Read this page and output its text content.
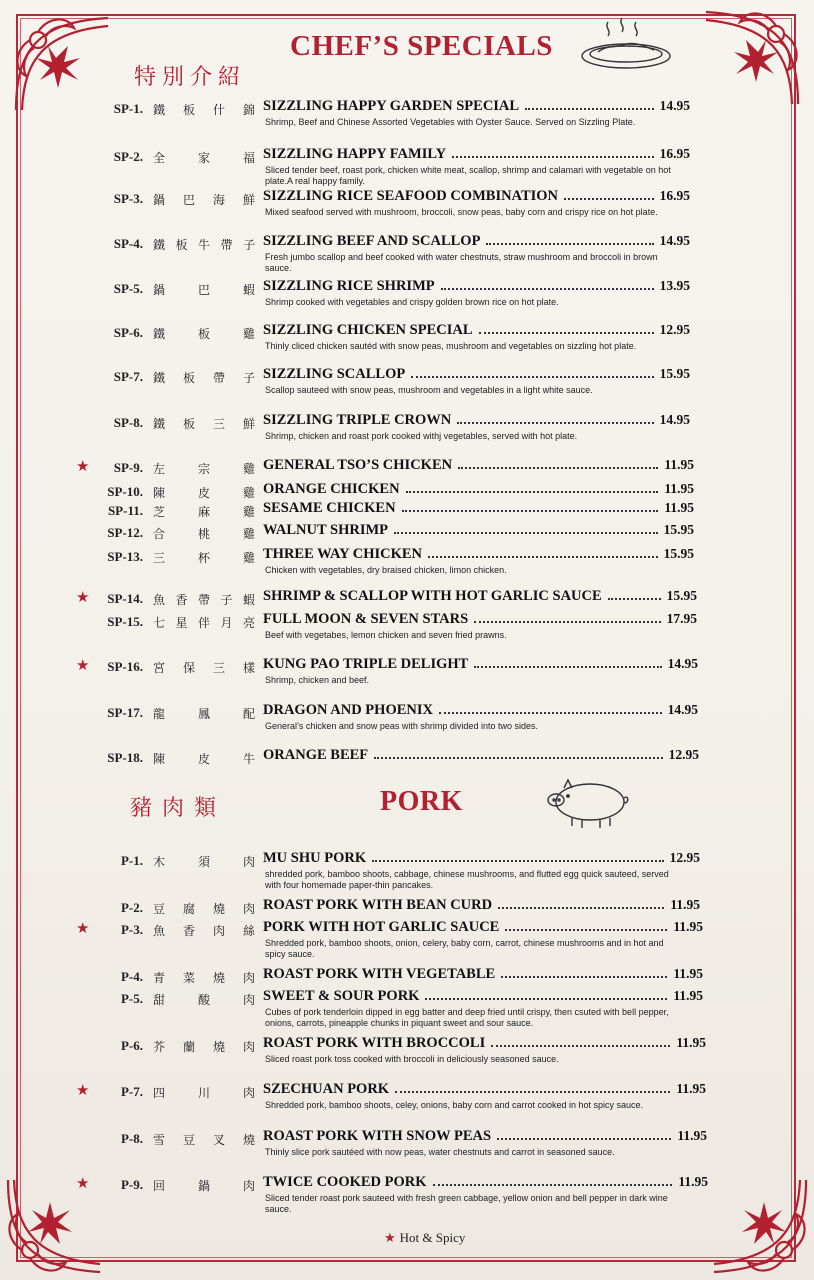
特別介紹
CHEF’S SPECIALS
豬肉類	PORK
SP-1. 鐵 板 什 錦 SIZZLING HAPPY GARDEN SPECIAL	14.95
Shrimp, Beef and Chinese Assorted Vegetables with Oyster Sauce. Served on Sizzling Plate.
SP-2. 全	家	福 SIZZLING HAPPY FAMILY	16.95
Sliced tender beef, roast pork, chicken white meat, scallop, shrimp and calamari with vegetable on hot plate.A real happy family.
SP-3. 鍋 巴 海 鮮 SIZZLING RICE SEAFOOD COMBINATION	16.95
Mixed seafood served with mushroom, broccoli, snow peas, baby corn and crispy rice on hot plate.
SP-4. 鐵 板 牛 帶 子 SIZZLING BEEF AND SCALLOP	14.95
Fresh jumbo scallop and beef cooked with water chestnuts, straw mushroom and broccoli in brown sauce.
SP-5. 鍋	巴	蝦 SIZZLING RICE SHRIMP	13.95
Shrimp cooked with vegetables and crispy golden brown rice on hot plate.
SP-6. 鐵	板	雞 SIZZLING CHICKEN SPECIAL	12.95
Thinly cliced chicken sautéd with snow peas, mushroom and vegetables on sizzling hot plate.
SP-7. 鐵 板 帶 子 SIZZLING SCALLOP	15.95
Scallop sauteed with snow peas, mushroom and vegetables in a light white sauce.
SP-8. 鐵 板 三 鮮 SIZZLING TRIPLE CROWN	14.95
Shrimp, chicken and roast pork cooked withj vegetables, served with hot plate.
★	SP-9. 左	宗	雞 GENERAL TSO’S CHICKEN	11.95
SP-10. 陳	皮	雞 ORANGE CHICKEN	11.95
SP-11. 芝	麻	雞 SESAME CHICKEN	11.95
SP-12. 合	桃	雞 WALNUT SHRIMP	15.95
SP-13. 三	杯	雞 THREE WAY CHICKEN	15.95
Chicken with vegetables, dry braised chicken, limon chicken.
★	SP-14. 魚 香 帶 子 蝦 SHRIMP & SCALLOP WITH HOT GARLIC SAUCE	15.95
SP-15. 七 星 伴 月 亮 FULL MOON & SEVEN STARS	17.95
Beef with vegetabes, lemon chicken and seven fried prawns.
★	SP-16. 宮 保 三 樣 KUNG PAO TRIPLE DELIGHT	14.95
Shrimp, chicken and beef.
SP-17. 龍	鳳	配 DRAGON AND PHOENIX	14.95
General’s chicken and snow peas with shrimp divided into two sides.
SP-18. 陳	皮	牛 ORANGE BEEF	12.95
P-1. 木	須	肉 MU SHU PORK	12.95
shredded pork, bamboo shoots, cabbage, chinese mushrooms, and flutted egg quick sauteed, served with four homemade paper-thin pancakes.
P-2. 豆 腐 燒 肉 ROAST PORK WITH BEAN CURD	11.95
★	P-3. 魚 香 肉 絲 PORK WITH HOT GARLIC SAUCE	11.95
Shredded pork, bamboo shoots, onion, celery, baby corn, carrot, chinese mushrooms and in hot and spicy sauce.
P-4. 青 菜 燒 肉 ROAST PORK WITH VEGETABLE	11.95
P-5. 甜	酸	肉 SWEET & SOUR PORK	11.95
Cubes of pork tenderloin dipped in egg batter and deep fried until crispy, then csuted with bell pepper, onions, carrots, pineapple chunks in piquant sweet and sour sauce.
P-6. 芥 蘭 燒 肉 ROAST PORK WITH BROCCOLI	11.95
Sliced roast pork toss cooked with broccoli in deliciously seasoned sauce.
★	P-7. 四	川	肉 SZECHUAN PORK	11.95
Shredded pork, bamboo shoots, celey, onions, baby corn and carrot cooked in hot spicy sauce.
P-8. 雪 豆 叉 燒 ROAST PORK WITH SNOW PEAS	11.95
Thinly slice pork sautéed with now peas, water chestnuts and carrot in seasoned sauce.
★	P-9. 回	鍋	肉 TWICE COOKED PORK	11.95
Sliced tender roast pork sauteed with fresh green cabbage, yellow onion and bell pepper in dark wine sauce.
★ Hot & Spicy
